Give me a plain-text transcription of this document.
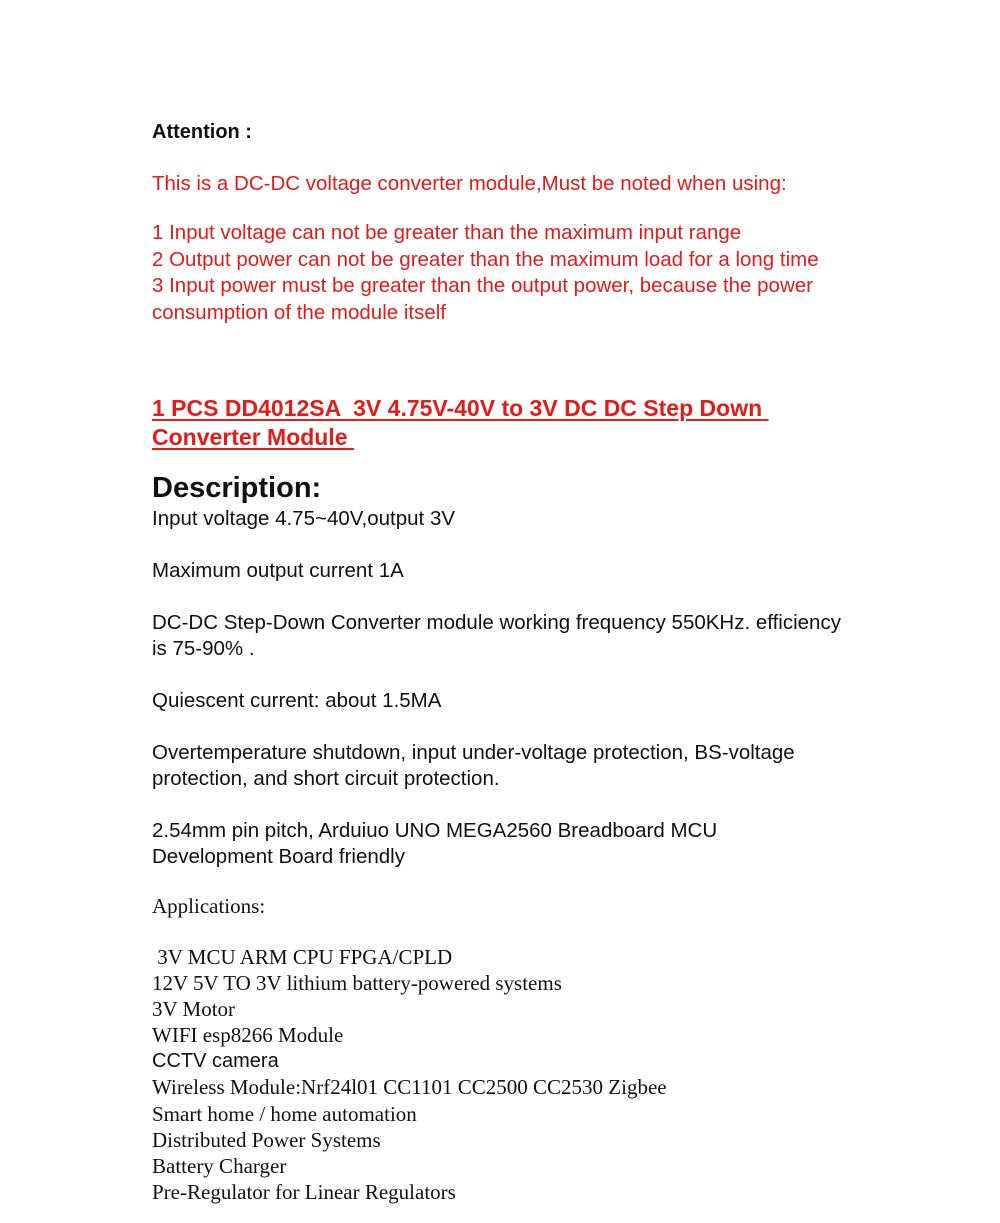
Attention :
This is a DC-DC voltage converter module,Must be noted when using:
1 Input voltage can not be greater than the maximum input range
2 Output power can not be greater than the maximum load for a long time
3 Input power must be greater than the output power, because the power consumption of the module itself
1 PCS DD4012SA  3V 4.75V-40V to 3V DC DC Step Down Converter Module
Description:
Input voltage 4.75~40V,output 3V
Maximum output current 1A
DC-DC Step-Down Converter module working frequency 550KHz. efficiency is 75-90% .
Quiescent current: about 1.5MA
Overtemperature shutdown, input under-voltage protection, BS-voltage protection, and short circuit protection.
2.54mm pin pitch, Arduiuo UNO MEGA2560 Breadboard MCU Development Board friendly
Applications:
3V MCU ARM CPU FPGA/CPLD
12V 5V TO 3V lithium battery-powered systems
3V Motor
WIFI esp8266 Module
CCTV camera
Wireless Module:Nrf24l01 CC1101 CC2500 CC2530 Zigbee
Smart home / home automation
Distributed Power Systems
Battery Charger
Pre-Regulator for Linear Regulators
